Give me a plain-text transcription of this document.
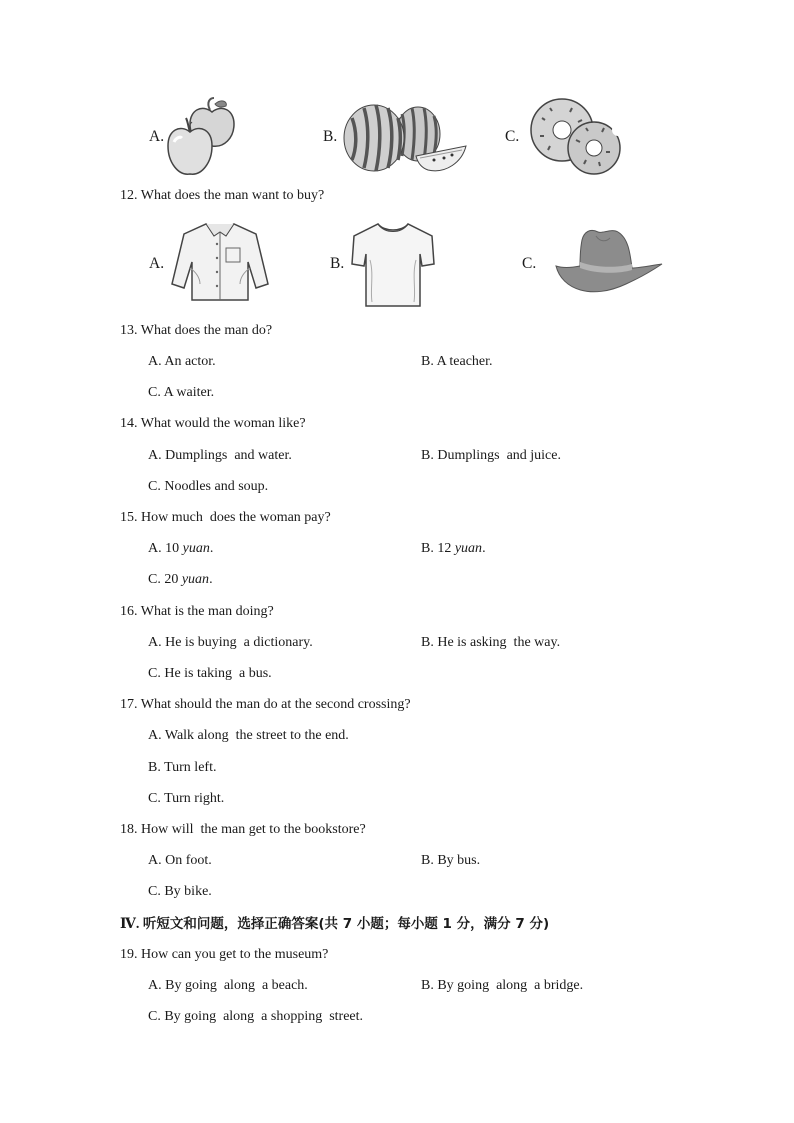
A.	B.	C.
12. What does the man want to buy?
A.	B.	C.
13. What does the man do?
A. An actor.	B. A teacher.
C. A waiter.
14. What would the woman like?
A. Dumplings  and water.	B. Dumplings  and juice.
C. Noodles and soup.
15. How much  does the woman pay?
A. 10 yuan.	B. 12 yuan.
C. 20 yuan.
16. What is the man doing?
A. He is buying  a dictionary.	B. He is asking  the way.
C. He is taking  a bus.
17. What should the man do at the second crossing?
A. Walk along  the street to the end.
B. Turn left.
C. Turn right.
18. How will  the man get to the bookstore?
A. On foot.	B. By bus.
C. By bike.
Ⅳ. 听短文和问题，选择正确答案(共 7 小题；每小题 1 分，满分 7 分)
19. How can you get to the museum?
A. By going  along  a beach.	B. By going  along  a bridge.
C. By going  along  a shopping  street.
